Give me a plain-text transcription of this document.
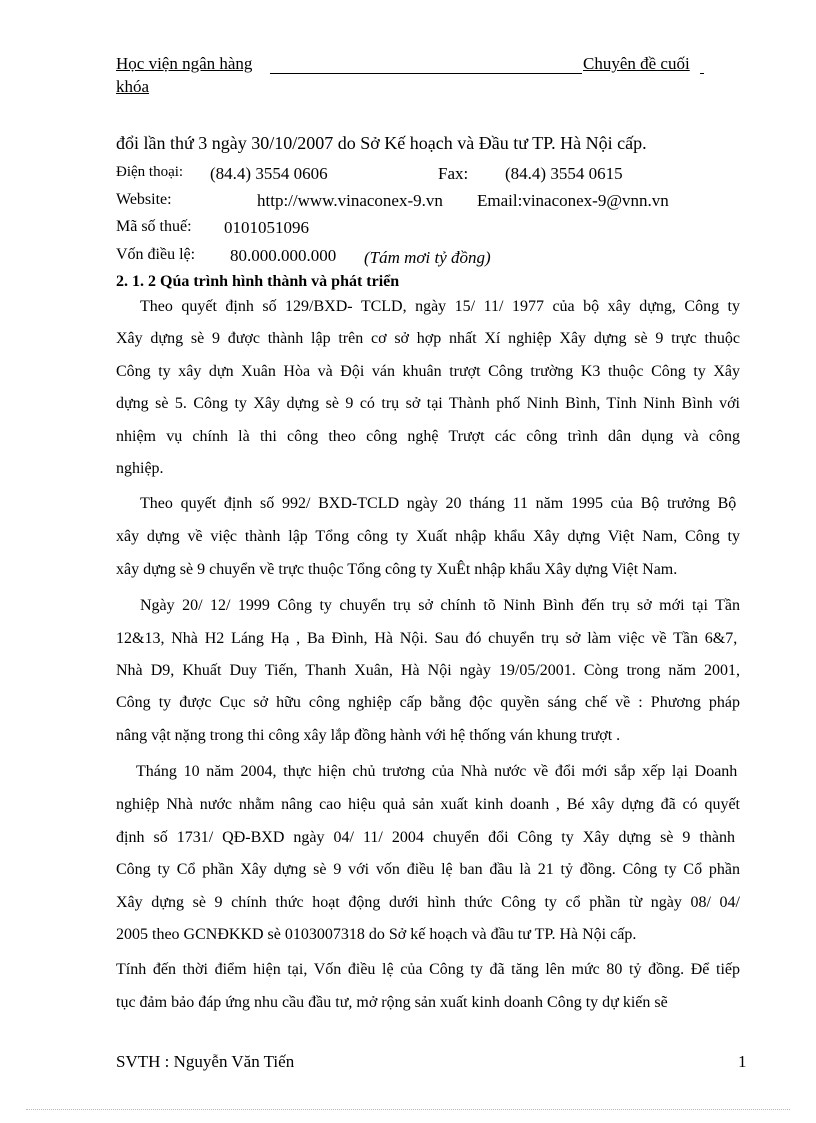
Học viện ngân hàng	Chuyên đề cuối
khóa
đổi lần thứ 3 ngày 30/10/2007 do Sở Kế hoạch và Đầu tư TP. Hà Nội cấp.
Điện thoại: (84.4) 3554 0606	Fax: (84.4) 3554 0615
Website:	http://www.vinaconex-9.vn Email:vinaconex-9@vnn.vn
Mã số thuế: 0101051096
Vốn điều lệ: 80.000.000.000 (Tám mơi tỷ đồng)
2. 1. 2 Qúa trình hình thành và phát triển
Theo quyết định số 129/BXD- TCLD, ngày 15/ 11/ 1977 của bộ xây dựng, Công ty
Xây dựng sè 9 được thành lập trên cơ sở hợp nhất Xí nghiệp Xây dựng sè 9 trực thuộc
Công ty xây dựn Xuân Hòa và Đội ván khuân trượt Công trường K3 thuộc Công ty Xây
dựng sè 5. Công ty Xây dựng sè 9 có trụ sở tại Thành phố Ninh Bình, Tỉnh Ninh Bình với
nhiệm vụ chính là thi công theo công nghệ Trượt các công trình dân dụng và công
nghiệp.
Theo quyết định số 992/ BXD-TCLD ngày 20 tháng 11 năm 1995 của Bộ trưởng Bộ
xây dựng về việc thành lập Tổng công ty Xuất nhập khẩu Xây dựng Việt Nam, Công ty
xây dựng sè 9 chuyển về trực thuộc Tổng công ty XuÊt nhập khẩu Xây dựng Việt Nam.
Ngày 20/ 12/ 1999 Công ty chuyển trụ sở chính tõ Ninh Bình đến trụ sở mới tại Tần
12&13, Nhà H2 Láng Hạ , Ba Đình, Hà Nội. Sau đó chuyển trụ sở làm việc về Tần 6&7,
Nhà D9, Khuất Duy Tiến, Thanh Xuân, Hà Nội ngày 19/05/2001. Còng trong năm 2001,
Công ty được Cục sở hữu công nghiệp cấp bằng độc quyền sáng chế về : Phương pháp
nâng vật nặng trong thi công xây lắp đồng hành với hệ thống ván khung trượt .
Tháng 10 năm 2004, thực hiện chủ trương của Nhà nước về đổi mới sắp xếp lại Doanh
nghiệp Nhà nước nhằm nâng cao hiệu quả sản xuất kinh doanh , Bé xây dựng đã có quyết
định số 1731/ QĐ-BXD ngày 04/ 11/ 2004 chuyển đổi Công ty Xây dựng sè 9 thành
Công ty Cổ phần Xây dựng sè 9 với vốn điều lệ ban đầu là 21 tỷ đồng. Công ty Cổ phần
Xây dựng sè 9 chính thức hoạt động dưới hình thức Công ty cổ phần từ ngày 08/ 04/
2005 theo GCNĐKKD sè 0103007318 do Sở kế hoạch và đầu tư TP. Hà Nội cấp.
Tính đến thời điểm hiện tại, Vốn điều lệ của Công ty đã tăng lên mức 80 tỷ đồng. Để tiếp
tục đảm bảo đáp ứng nhu cầu đầu tư, mở rộng sản xuất kinh doanh Công ty dự kiến sẽ
SVTH : Nguyễn Văn Tiến	1
